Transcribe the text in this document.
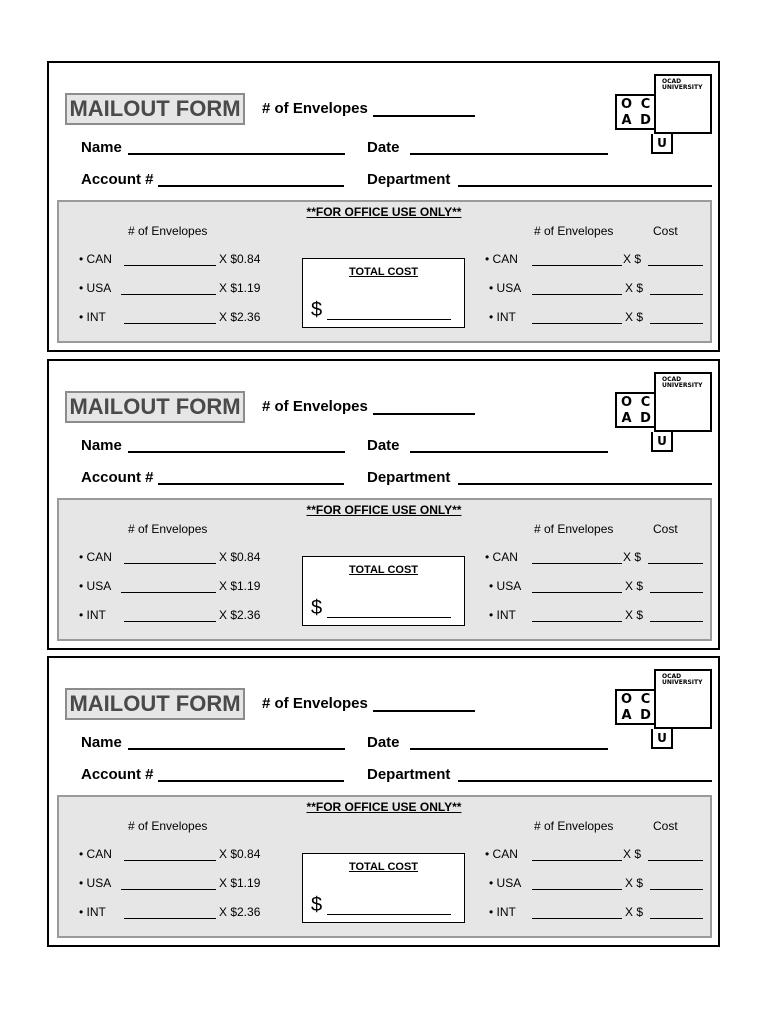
MAILOUT FORM # of Envelopes
Name	Date
Account #	Department
O C
A D
OCAD
UNIVERSITY
U
**FOR OFFICE USE ONLY**
# of Envelopes	# of Envelopes	Cost
• CAN	X $0.84	• CAN	X $
• USA	X $1.19	• USA	X $
• INT	X $2.36	• INT	X $
TOTAL COST
$
MAILOUT FORM # of Envelopes
Name	Date
Account #	Department
O C
A D
OCAD
UNIVERSITY
U
**FOR OFFICE USE ONLY**
# of Envelopes	# of Envelopes	Cost
• CAN	X $0.84	• CAN	X $
• USA	X $1.19	• USA	X $
• INT	X $2.36	• INT	X $
TOTAL COST
$
MAILOUT FORM # of Envelopes
Name	Date
Account #	Department
O C
A D
OCAD
UNIVERSITY
U
**FOR OFFICE USE ONLY**
# of Envelopes	# of Envelopes	Cost
• CAN	X $0.84	• CAN	X $
• USA	X $1.19	• USA	X $
• INT	X $2.36	• INT	X $
TOTAL COST
$
